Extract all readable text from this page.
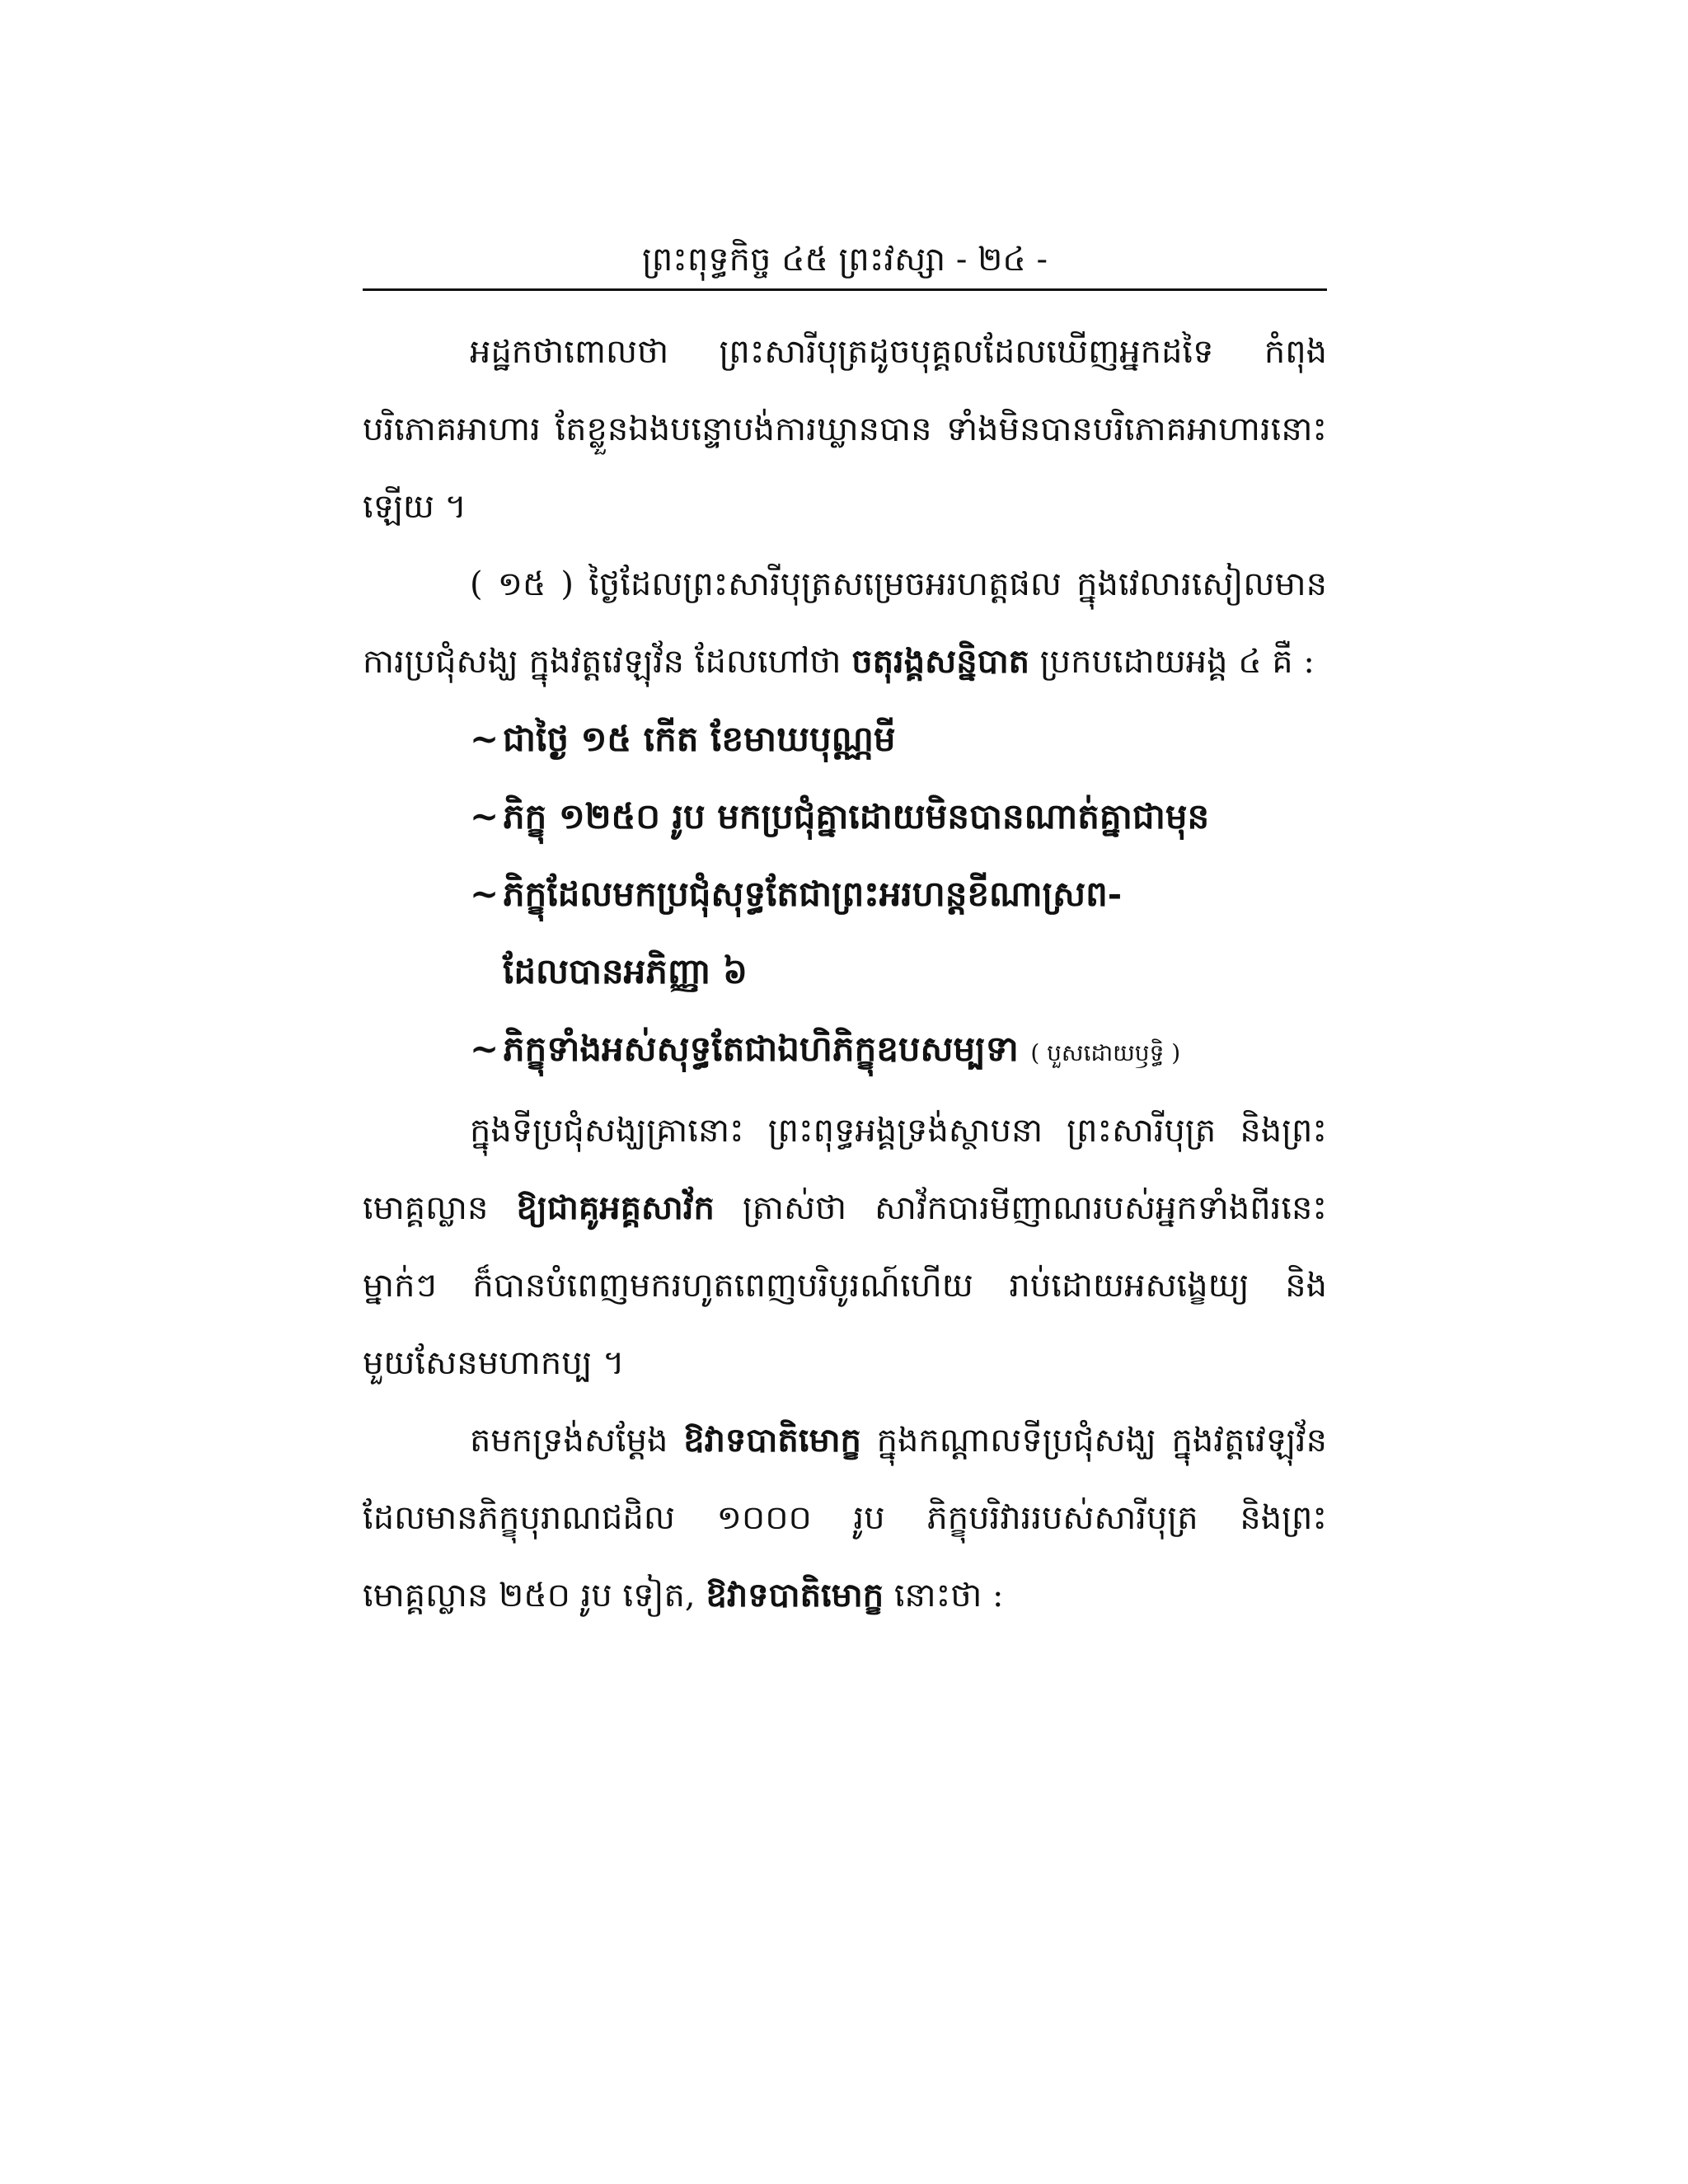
ព្រះពុទ្ធកិច្ច ៤៥ ព្រះវស្សា - ២៤ -

អដ្ឋកថាពោលថា ព្រះសារីបុត្រដូចបុគ្គលដែលឃើញអ្នកដទៃ កំពុងបរិភោគអាហារ តែខ្លួនឯងបន្ទោបង់ការឃ្លានបាន ទាំងមិនបានបរិភោគអាហារនោះឡើយ ។

( ១៥ ) ថ្ងៃដែលព្រះសារីបុត្រសម្រេចអរហត្តផល ក្នុងវេលារសៀលមានការប្រជុំសង្ឃ ក្នុងវត្តវេឡុវ័ន ដែលហៅថា ចតុរង្គសន្និបាត ប្រកបដោយអង្គ ៤ គឺ :

~ ជាថ្ងៃ ១៥ កើត ខែមាឃបុណ្ណមី
~ ភិក្ខុ ១២៥០ រូប មកប្រជុំគ្នាដោយមិនបានណាត់គ្នាជាមុន
~ ភិក្ខុដែលមកប្រជុំសុទ្ធតែជាព្រះអរហន្តខីណាស្រព-
ដែលបានអភិញ្ញា ៦
~ ភិក្ខុទាំងអស់សុទ្ធតែជាឯហិភិក្ខុឧបសម្បទា ( បួសដោយឫទ្ធិ )

ក្នុងទីប្រជុំសង្ឃគ្រានោះ ព្រះពុទ្ធអង្គទ្រង់ស្ថាបនា ព្រះសារីបុត្រ និងព្រះមោគ្គល្លាន ឱ្យជាគូអគ្គសាវ័ក ត្រាស់ថា សាវ័កបារមីញាណរបស់អ្នកទាំងពីរនេះម្នាក់ៗ ក៏បានបំពេញមករហូតពេញបរិបូរណ៍ហើយ រាប់ដោយអសង្ខេយ្យ និង មួយសែនមហាកប្ប ។

តមកទ្រង់សម្តែង ឱវាទបាតិមោក្ខ ក្នុងកណ្តាលទីប្រជុំសង្ឃ ក្នុងវត្តវេឡុវ័ន ដែលមានភិក្ខុបុរាណជដិល ១០០០ រូប ភិក្ខុបរិវាររបស់សារីបុត្រ និងព្រះមោគ្គល្លាន ២៥០ រូប ទៀត, ឱវាទបាតិមោក្ខ នោះថា :
